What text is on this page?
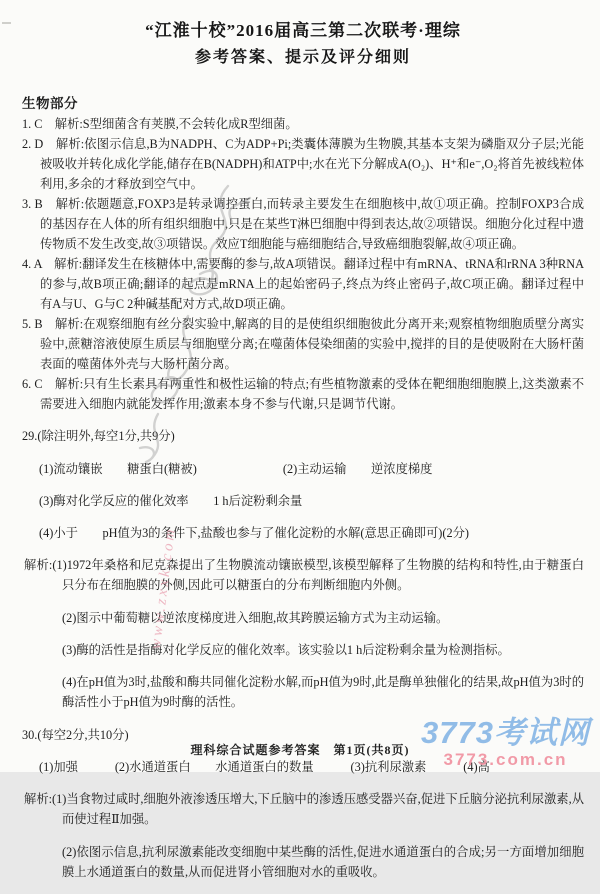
“江淮十校”2016届高三第二次联考·理综
参考答案、提示及评分细则
生物部分

1. C　解析:S型细菌含有荚膜,不会转化成R型细菌。

2. D　解析:依图示信息,B为NADPH、C为ADP+Pi;类囊体薄膜为生物膜,其基本支架为磷脂双分子层;光能被吸收并转化成化学能,储存在B(NADPH)和ATP中;水在光下分解成A(O₂)、H⁺和e⁻,O₂将首先被线粒体利用,多余的才释放到空气中。

3. B　解析:依题题意,FOXP3是转录调控蛋白,而转录主要发生在细胞核中,故①项正确。控制FOXP3合成的基因存在人体的所有组织细胞中,只是在某些T淋巴细胞中得到表达,故②项错误。细胞分化过程中遗传物质不发生改变,故③项错误。效应T细胞能与癌细胞结合,导致癌细胞裂解,故④项正确。

4. A　解析:翻译发生在核糖体中,需要酶的参与,故A项错误。翻译过程中有mRNA、tRNA和rRNA 3种RNA的参与,故B项正确;翻译的起点是mRNA上的起始密码子,终点为终止密码子,故C项正确。翻译过程中有A与U、G与C 2种碱基配对方式,故D项正确。

5. B　解析:在观察细胞有丝分裂实验中,解离的目的是使组织细胞彼此分离开来;观察植物细胞质壁分离实验中,蔗糖溶液使原生质层与细胞壁分离;在噬菌体侵染细菌的实验中,搅拌的目的是使吸附在大肠杆菌表面的噬菌体外壳与大肠杆菌分离。

6. C　解析:只有生长素具有两重性和极性运输的特点;有些植物激素的受体在靶细胞细胞膜上,这类激素不需要进入细胞内就能发挥作用;激素本身不参与代谢,只是调节代谢。

29.(除注明外,每空1分,共9分)

(1)流动镶嵌　　糖蛋白(糖被)　　　　　　　(2)主动运输　　逆浓度梯度

(3)酶对化学反应的催化效率　　1 h后淀粉剩余量

(4)小于　　pH值为3的条件下,盐酸也参与了催化淀粉的水解(意思正确即可)(2分)

解析:(1)1972年桑格和尼克森提出了生物膜流动镶嵌模型,该模型解释了生物膜的结构和特性,由于糖蛋白只分布在细胞膜的外侧,因此可以糖蛋白的分布判断细胞内外侧。

(2)图示中葡萄糖以逆浓度梯度进入细胞,故其跨膜运输方式为主动运输。

(3)酶的活性是指酶对化学反应的催化效率。该实验以1 h后淀粉剩余量为检测指标。

(4)在pH值为3时,盐酸和酶共同催化淀粉水解,而pH值为9时,此是酶单独催化的结果,故pH值为3时的酶活性小于pH值为9时酶的活性。

30.(每空2分,共10分)

(1)加强　　　(2)水通道蛋白　　水通道蛋白的数量　　　(3)抗利尿激素　　　(4)高

解析:(1)当食物过咸时,细胞外液渗透压增大,下丘脑中的渗透压感受器兴奋,促进下丘脑分泌抗利尿激素,从而使过程Ⅱ加强。

(2)依图示信息,抗利尿激素能改变细胞中某些酶的活性,促进水通道蛋白的合成;另一方面增加细胞膜上水通道蛋白的数量,从而促进肾小管细胞对水的重吸收。

www.zxxk.com
3773考试网
3773.com.cn
理科综合试题参考答案　第1页(共8页)
